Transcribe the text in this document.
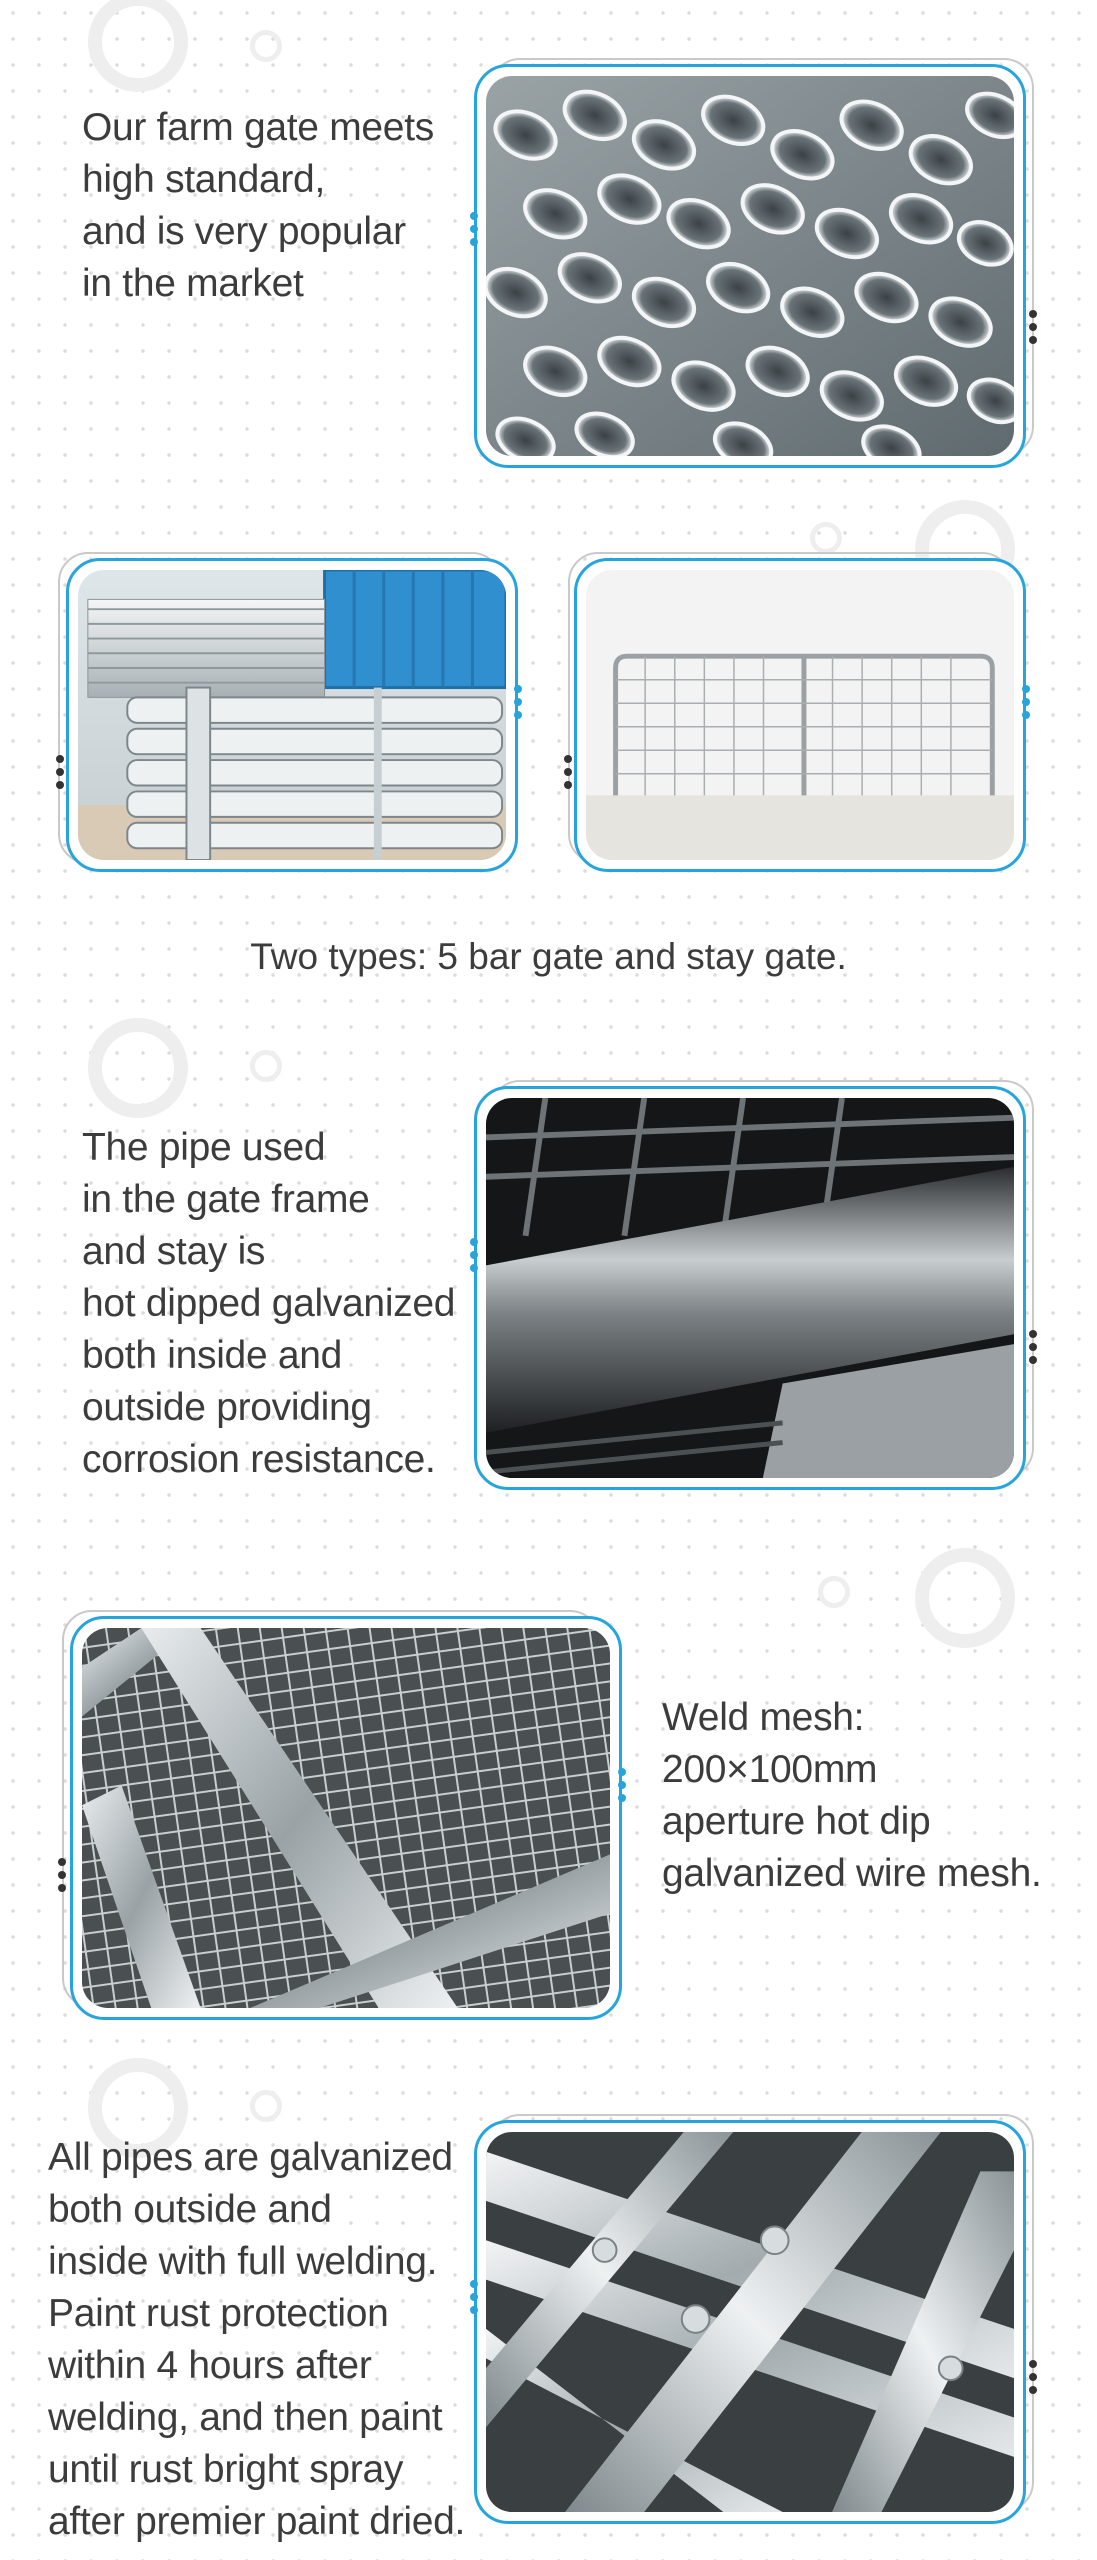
Our farm gate meets
high standard,
and is very popular
in the market

Two types: 5 bar gate and stay gate.

The pipe used
in the gate frame
and stay is
hot dipped galvanized
both inside and
outside providing
corrosion resistance.

Weld mesh:
200×100mm
aperture hot dip
galvanized wire mesh.

All pipes are galvanized
both outside and
inside with full welding.
Paint rust protection
within 4 hours after
welding, and then paint
until rust bright spray
after premier paint dried.
